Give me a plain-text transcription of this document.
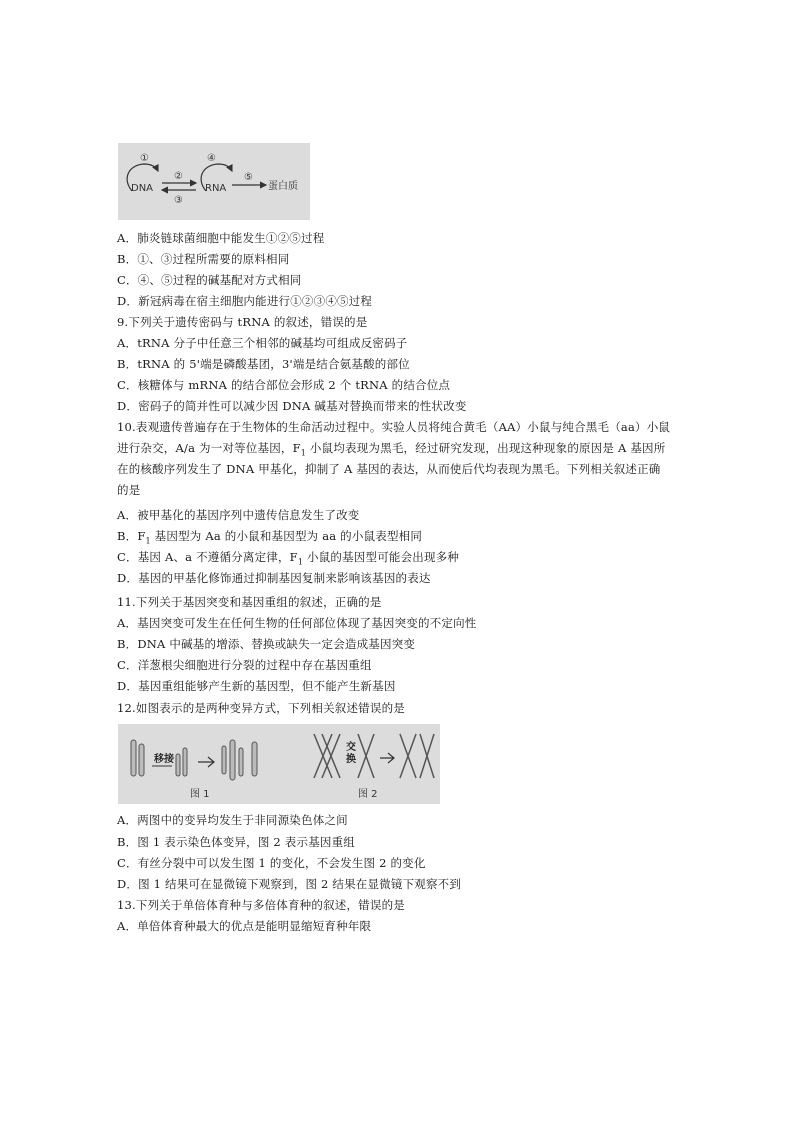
①
DNA
②
③
④
RNA
⑤
蛋白质
A．肺炎链球菌细胞中能发生①②⑤过程
B．①、③过程所需要的原料相同
C．④、⑤过程的碱基配对方式相同
D．新冠病毒在宿主细胞内能进行①②③④⑤过程
9.下列关于遗传密码与 tRNA 的叙述，错误的是
A．tRNA 分子中任意三个相邻的碱基均可组成反密码子
B．tRNA 的 5'端是磷酸基团，3'端是结合氨基酸的部位
C．核糖体与 mRNA 的结合部位会形成 2 个 tRNA 的结合位点
D．密码子的简并性可以减少因 DNA 碱基对替换而带来的性状改变
10.表观遗传普遍存在于生物体的生命活动过程中。实验人员将纯合黄毛（AA）小鼠与纯合黑毛（aa）小鼠
进行杂交，A/a 为一对等位基因，$F_1$ 小鼠均表现为黑毛，经过研究发现，出现这种现象的原因是 A 基因所
在的核酸序列发生了 DNA 甲基化，抑制了 A 基因的表达，从而使后代均表现为黑毛。下列相关叙述正确
的是
A．被甲基化的基因序列中遗传信息发生了改变
B．$F_1$ 基因型为 Aa 的小鼠和基因型为 aa 的小鼠表型相同
C．基因 A、a 不遵循分离定律，$F_1$ 小鼠的基因型可能会出现多种
D．基因的甲基化修饰通过抑制基因复制来影响该基因的表达
11.下列关于基因突变和基因重组的叙述，正确的是
A．基因突变可发生在任何生物的任何部位体现了基因突变的不定向性
B．DNA 中碱基的增添、替换或缺失一定会造成基因突变
C．洋葱根尖细胞进行分裂的过程中存在基因重组
D．基因重组能够产生新的基因型，但不能产生新基因
12.如图表示的是两种变异方式，下列相关叙述错误的是
移接
图 1
交
换
图 2
A．两图中的变异均发生于非同源染色体之间
B．图 1 表示染色体变异，图 2 表示基因重组
C．有丝分裂中可以发生图 1 的变化，不会发生图 2 的变化
D．图 1 结果可在显微镜下观察到，图 2 结果在显微镜下观察不到
13.下列关于单倍体育种与多倍体育种的叙述，错误的是
A．单倍体育种最大的优点是能明显缩短育种年限
